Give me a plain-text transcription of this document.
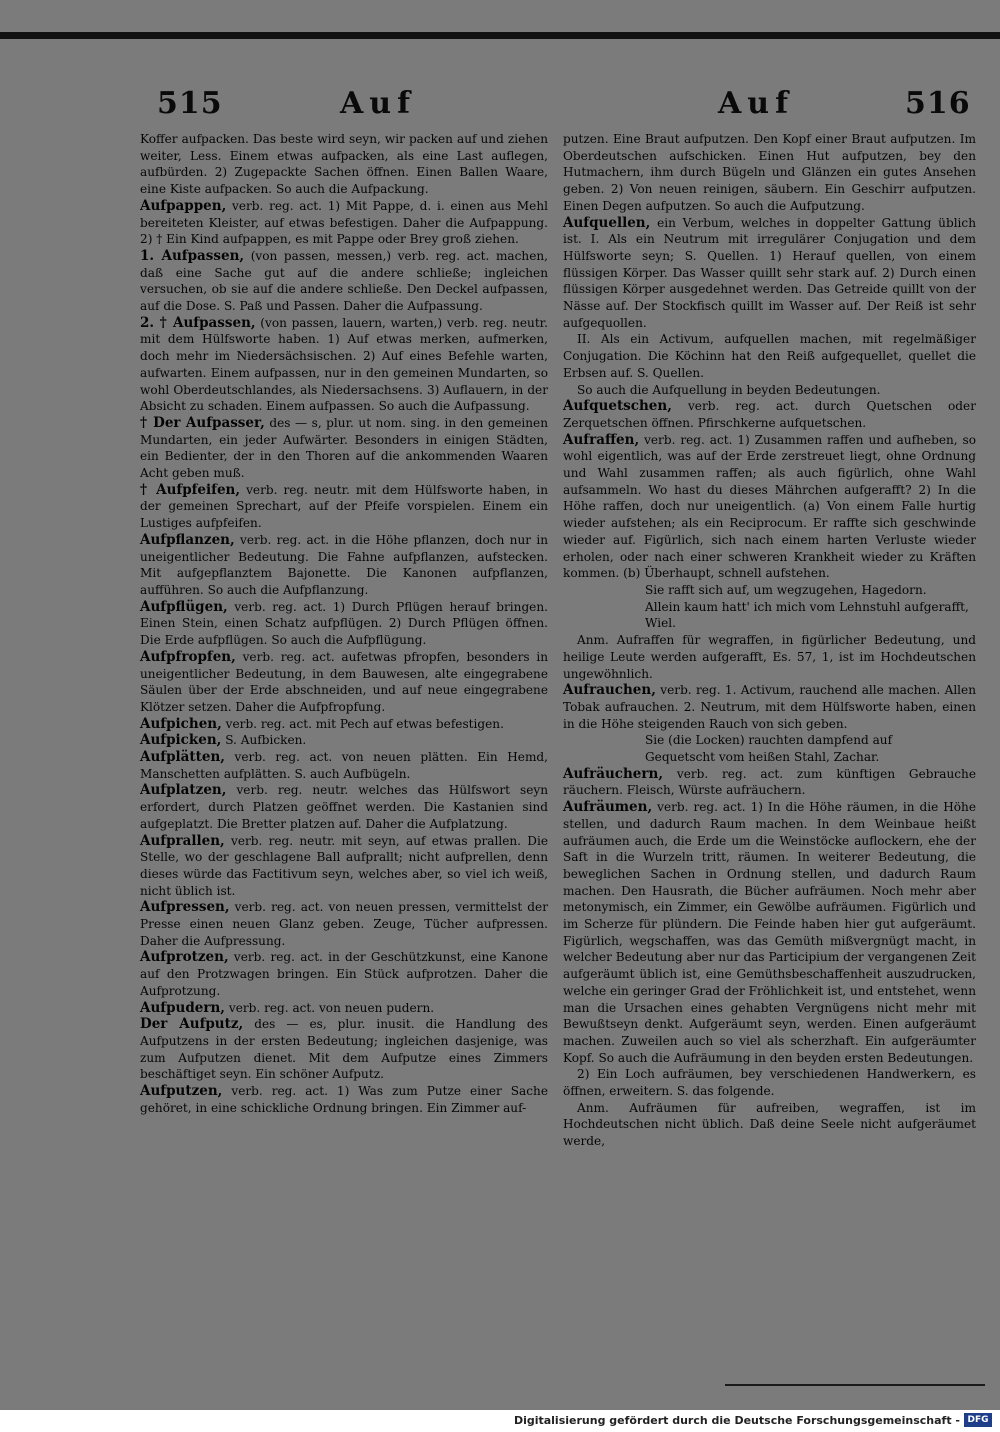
515	Auf	Auf	516

Koffer aufpacken. Das beste wird seyn, wir packen auf und ziehen weiter, Less. Einem etwas aufpacken, als eine Last auflegen, aufbürden. 2) Zugepackte Sachen öffnen. Einen Ballen Waare, eine Kiste aufpacken. So auch die Aufpackung.

Aufpappen, verb. reg. act. 1) Mit Pappe, d. i. einen aus Mehl bereiteten Kleister, auf etwas befestigen. Daher die Aufpappung. 2) † Ein Kind aufpappen, es mit Pappe oder Brey groß ziehen.

1. Aufpassen, (von passen, messen,) verb. reg. act. machen, daß eine Sache gut auf die andere schließe; ingleichen versuchen, ob sie auf die andere schließe. Den Deckel aufpassen, auf die Dose. S. Paß und Passen. Daher die Aufpassung.

2. † Aufpassen, (von passen, lauern, warten,) verb. reg. neutr. mit dem Hülfsworte haben. 1) Auf etwas merken, aufmerken, doch mehr im Niedersächsischen. 2) Auf eines Befehle warten, aufwarten. Einem aufpassen, nur in den gemeinen Mundarten, so wohl Oberdeutschlandes, als Niedersachsens. 3) Auflauern, in der Absicht zu schaden. Einem aufpassen. So auch die Aufpassung.

† Der Aufpasser, des — s, plur. ut nom. sing. in den gemeinen Mundarten, ein jeder Aufwärter. Besonders in einigen Städten, ein Bedienter, der in den Thoren auf die ankommenden Waaren Acht geben muß.

† Aufpfeifen, verb. reg. neutr. mit dem Hülfsworte haben, in der gemeinen Sprechart, auf der Pfeife vorspielen. Einem ein Lustiges aufpfeifen.

Aufpflanzen, verb. reg. act. in die Höhe pflanzen, doch nur in uneigentlicher Bedeutung. Die Fahne aufpflanzen, aufstecken. Mit aufgepflanztem Bajonette. Die Kanonen aufpflanzen, aufführen. So auch die Aufpflanzung.

Aufpflügen, verb. reg. act. 1) Durch Pflügen herauf bringen. Einen Stein, einen Schatz aufpflügen. 2) Durch Pflügen öffnen. Die Erde aufpflügen. So auch die Aufpflügung.

Aufpfropfen, verb. reg. act. aufetwas pfropfen, besonders in uneigentlicher Bedeutung, in dem Bauwesen, alte eingegrabene Säulen über der Erde abschneiden, und auf neue eingegrabene Klötzer setzen. Daher die Aufpfropfung.

Aufpichen, verb. reg. act. mit Pech auf etwas befestigen.

Aufpicken, S. Aufbicken.

Aufplätten, verb. reg. act. von neuen plätten. Ein Hemd, Manschetten aufplätten. S. auch Aufbügeln.

Aufplatzen, verb. reg. neutr. welches das Hülfswort seyn erfordert, durch Platzen geöffnet werden. Die Kastanien sind aufgeplatzt. Die Bretter platzen auf. Daher die Aufplatzung.

Aufprallen, verb. reg. neutr. mit seyn, auf etwas prallen. Die Stelle, wo der geschlagene Ball aufprallt; nicht aufprellen, denn dieses würde das Factitivum seyn, welches aber, so viel ich weiß, nicht üblich ist.

Aufpressen, verb. reg. act. von neuen pressen, vermittelst der Presse einen neuen Glanz geben. Zeuge, Tücher aufpressen. Daher die Aufpressung.

Aufprotzen, verb. reg. act. in der Geschützkunst, eine Kanone auf den Protzwagen bringen. Ein Stück aufprotzen. Daher die Aufprotzung.

Aufpudern, verb. reg. act. von neuen pudern.

Der Aufputz, des — es, plur. inusit. die Handlung des Aufputzens in der ersten Bedeutung; ingleichen dasjenige, was zum Aufputzen dienet. Mit dem Aufputze eines Zimmers beschäftiget seyn. Ein schöner Aufputz.

Aufputzen, verb. reg. act. 1) Was zum Putze einer Sache gehöret, in eine schickliche Ordnung bringen. Ein Zimmer auf-

putzen. Eine Braut aufputzen. Den Kopf einer Braut aufputzen. Im Oberdeutschen aufschicken. Einen Hut aufputzen, bey den Hutmachern, ihm durch Bügeln und Glänzen ein gutes Ansehen geben. 2) Von neuen reinigen, säubern. Ein Geschirr aufputzen. Einen Degen aufputzen. So auch die Aufputzung.

Aufquellen, ein Verbum, welches in doppelter Gattung üblich ist. I. Als ein Neutrum mit irregulärer Conjugation und dem Hülfsworte seyn; S. Quellen. 1) Herauf quellen, von einem flüssigen Körper. Das Wasser quillt sehr stark auf. 2) Durch einen flüssigen Körper ausgedehnet werden. Das Getreide quillt von der Nässe auf. Der Stockfisch quillt im Wasser auf. Der Reiß ist sehr aufgequollen.

II. Als ein Activum, aufquellen machen, mit regelmäßiger Conjugation. Die Köchinn hat den Reiß aufgequellet, quellet die Erbsen auf. S. Quellen.

So auch die Aufquellung in beyden Bedeutungen.

Aufquetschen, verb. reg. act. durch Quetschen oder Zerquetschen öffnen. Pfirschkerne aufquetschen.

Aufraffen, verb. reg. act. 1) Zusammen raffen und aufheben, so wohl eigentlich, was auf der Erde zerstreuet liegt, ohne Ordnung und Wahl zusammen raffen; als auch figürlich, ohne Wahl aufsammeln. Wo hast du dieses Mährchen aufgerafft? 2) In die Höhe raffen, doch nur uneigentlich. (a) Von einem Falle hurtig wieder aufstehen; als ein Reciprocum. Er raffte sich geschwinde wieder auf. Figürlich, sich nach einem harten Verluste wieder erholen, oder nach einer schweren Krankheit wieder zu Kräften kommen. (b) Überhaupt, schnell aufstehen.

Sie rafft sich auf, um wegzugehen, Hagedorn.

Allein kaum hatt' ich mich vom Lehnstuhl aufgerafft, Wiel.

Anm. Aufraffen für wegraffen, in figürlicher Bedeutung, und heilige Leute werden aufgerafft, Es. 57, 1, ist im Hochdeutschen ungewöhnlich.

Aufrauchen, verb. reg. 1. Activum, rauchend alle machen. Allen Tobak aufrauchen. 2. Neutrum, mit dem Hülfsworte haben, einen in die Höhe steigenden Rauch von sich geben.

Sie (die Locken) rauchten dampfend auf

Gequetscht vom heißen Stahl, Zachar.

Aufräuchern, verb. reg. act. zum künftigen Gebrauche räuchern. Fleisch, Würste aufräuchern.

Aufräumen, verb. reg. act. 1) In die Höhe räumen, in die Höhe stellen, und dadurch Raum machen. In dem Weinbaue heißt aufräumen auch, die Erde um die Weinstöcke auflockern, ehe der Saft in die Wurzeln tritt, räumen. In weiterer Bedeutung, die beweglichen Sachen in Ordnung stellen, und dadurch Raum machen. Den Hausrath, die Bücher aufräumen. Noch mehr aber metonymisch, ein Zimmer, ein Gewölbe aufräumen. Figürlich und im Scherze für plündern. Die Feinde haben hier gut aufgeräumt. Figürlich, wegschaffen, was das Gemüth mißvergnügt macht, in welcher Bedeutung aber nur das Participium der vergangenen Zeit aufgeräumt üblich ist, eine Gemüthsbeschaffenheit auszudrucken, welche ein geringer Grad der Fröhlichkeit ist, und entstehet, wenn man die Ursachen eines gehabten Vergnügens nicht mehr mit Bewußtseyn denkt. Aufgeräumt seyn, werden. Einen aufgeräumt machen. Zuweilen auch so viel als scherzhaft. Ein aufgeräumter Kopf. So auch die Aufräumung in den beyden ersten Bedeutungen.

2) Ein Loch aufräumen, bey verschiedenen Handwerkern, es öffnen, erweitern. S. das folgende.

Anm. Aufräumen für aufreiben, wegraffen, ist im Hochdeutschen nicht üblich. Daß deine Seele nicht aufgeräumet werde,

Digitalisierung gefördert durch die Deutsche Forschungsgemeinschaft - DFG
